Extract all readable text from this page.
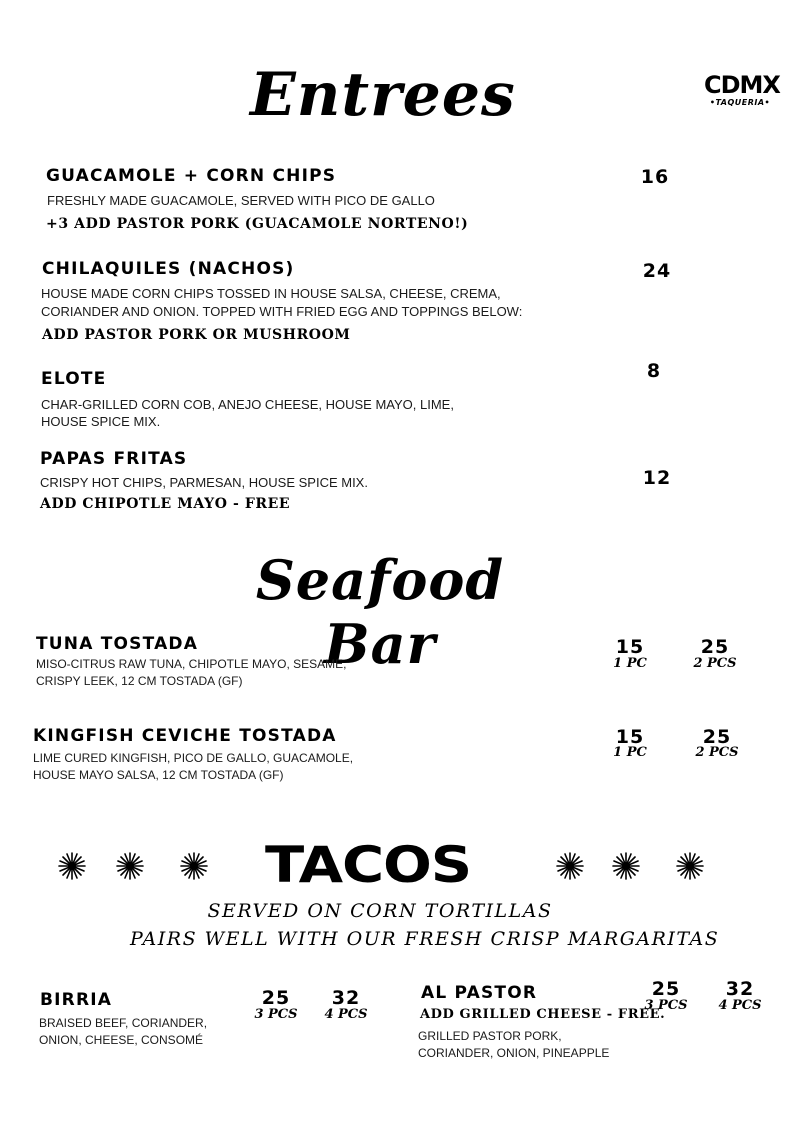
CDMX
•TAQUERIA•
Entrees
GUACAMOLE + CORN CHIPS
FRESHLY MADE GUACAMOLE, SERVED WITH PICO DE GALLO
+3 ADD PASTOR PORK (GUACAMOLE NORTENO!)
16
CHILAQUILES (NACHOS)
HOUSE MADE CORN CHIPS TOSSED IN HOUSE SALSA, CHEESE, CREMA,
CORIANDER AND ONION. TOPPED WITH FRIED EGG AND TOPPINGS BELOW:
ADD PASTOR PORK OR MUSHROOM
24
ELOTE
CHAR-GRILLED CORN COB, ANEJO CHEESE, HOUSE MAYO, LIME,
HOUSE SPICE MIX.
8
PAPAS FRITAS
CRISPY HOT CHIPS, PARMESAN, HOUSE SPICE MIX.
ADD CHIPOTLE MAYO - FREE
12
Seafood Bar
TUNA TOSTADA
MISO-CITRUS RAW TUNA, CHIPOTLE MAYO, SESAME,
CRISPY LEEK, 12 CM TOSTADA (GF)
15
1 PC
25
2 PCS
KINGFISH CEVICHE TOSTADA
LIME CURED KINGFISH, PICO DE GALLO, GUACAMOLE,
HOUSE MAYO SALSA, 12 CM TOSTADA (GF)
15
1 PC
25
2 PCS
TACOS
SERVED ON CORN TORTILLAS
PAIRS WELL WITH OUR FRESH CRISP MARGARITAS
BIRRIA
BRAISED BEEF, CORIANDER,
ONION, CHEESE, CONSOMÉ
25
3 PCS
32
4 PCS
AL PASTOR
ADD GRILLED CHEESE - FREE.
GRILLED PASTOR PORK,
CORIANDER, ONION, PINEAPPLE
25
3 PCS
32
4 PCS
